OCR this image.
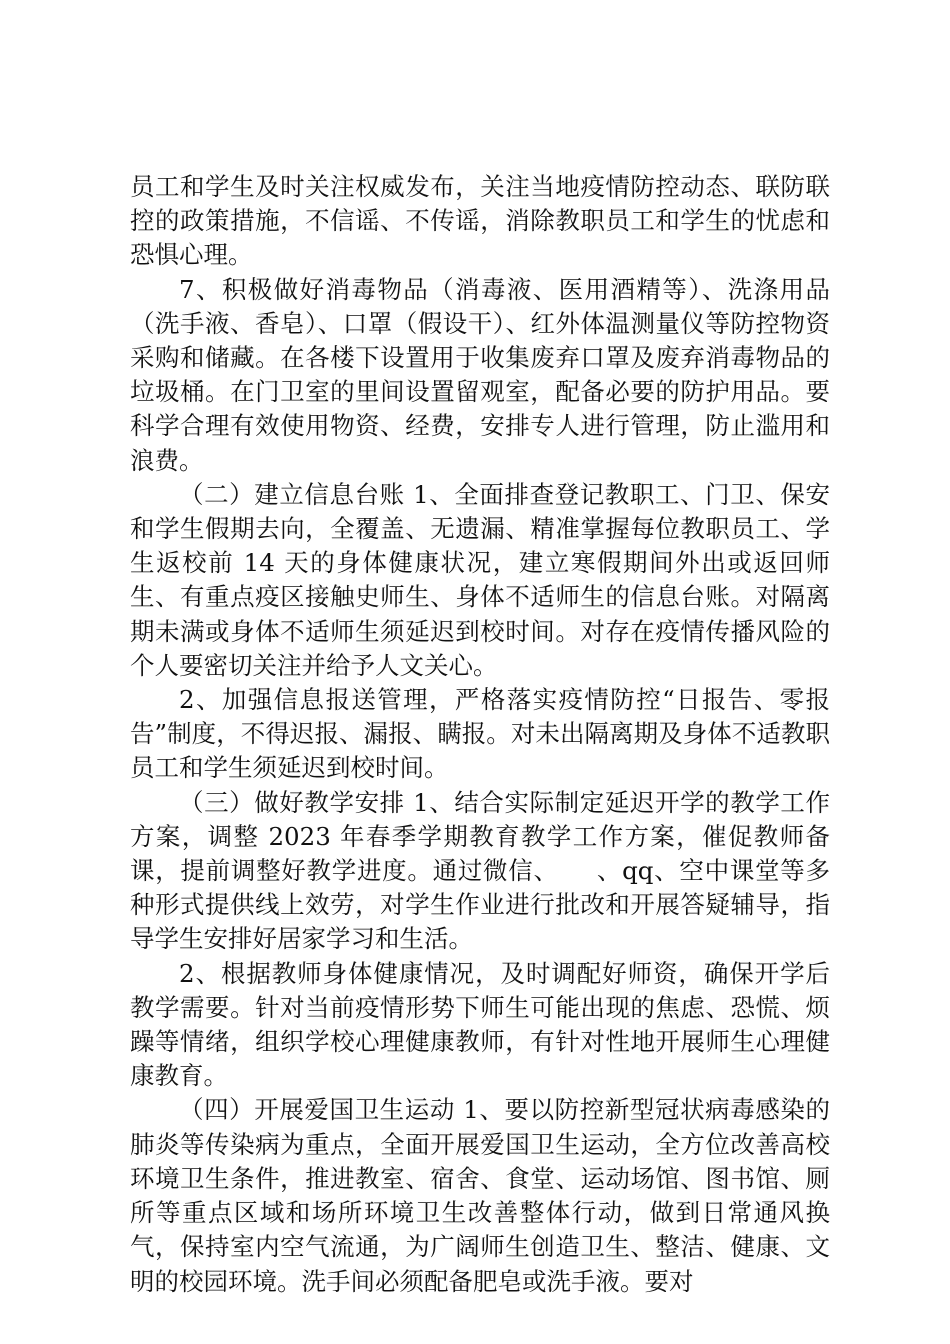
员工和学生及时关注权威发布，关注当地疫情防控动态、联防联控的政策措施，不信谣、不传谣，消除教职员工和学生的忧虑和恐惧心理。

7、积极做好消毒物品（消毒液、医用酒精等）、洗涤用品（洗手液、香皂）、口罩（假设干）、红外体温测量仪等防控物资采购和储藏。在各楼下设置用于收集废弃口罩及废弃消毒物品的垃圾桶。在门卫室的里间设置留观室，配备必要的防护用品。要科学合理有效使用物资、经费，安排专人进行管理，防止滥用和浪费。

（二）建立信息台账 1、全面排查登记教职工、门卫、保安和学生假期去向，全覆盖、无遗漏、精准掌握每位教职员工、学生返校前 14 天的身体健康状况，建立寒假期间外出或返回师生、有重点疫区接触史师生、身体不适师生的信息台账。对隔离期未满或身体不适师生须延迟到校时间。对存在疫情传播风险的个人要密切关注并给予人文关心。

2、加强信息报送管理，严格落实疫情防控“日报告、零报告”制度，不得迟报、漏报、瞒报。对未出隔离期及身体不适教职员工和学生须延迟到校时间。

（三）做好教学安排 1、结合实际制定延迟开学的教学工作方案，调整 2023 年春季学期教育教学工作方案，催促教师备课，提前调整好教学进度。通过微信、　　、qq、空中课堂等多种形式提供线上效劳，对学生作业进行批改和开展答疑辅导，指导学生安排好居家学习和生活。

2、根据教师身体健康情况，及时调配好师资，确保开学后教学需要。针对当前疫情形势下师生可能出现的焦虑、恐慌、烦躁等情绪，组织学校心理健康教师，有针对性地开展师生心理健康教育。

（四）开展爱国卫生运动 1、要以防控新型冠状病毒感染的肺炎等传染病为重点，全面开展爱国卫生运动，全方位改善高校环境卫生条件，推进教室、宿舍、食堂、运动场馆、图书馆、厕所等重点区域和场所环境卫生改善整体行动，做到日常通风换气，保持室内空气流通，为广阔师生创造卫生、整洁、健康、文明的校园环境。洗手间必须配备肥皂或洗手液。要对
